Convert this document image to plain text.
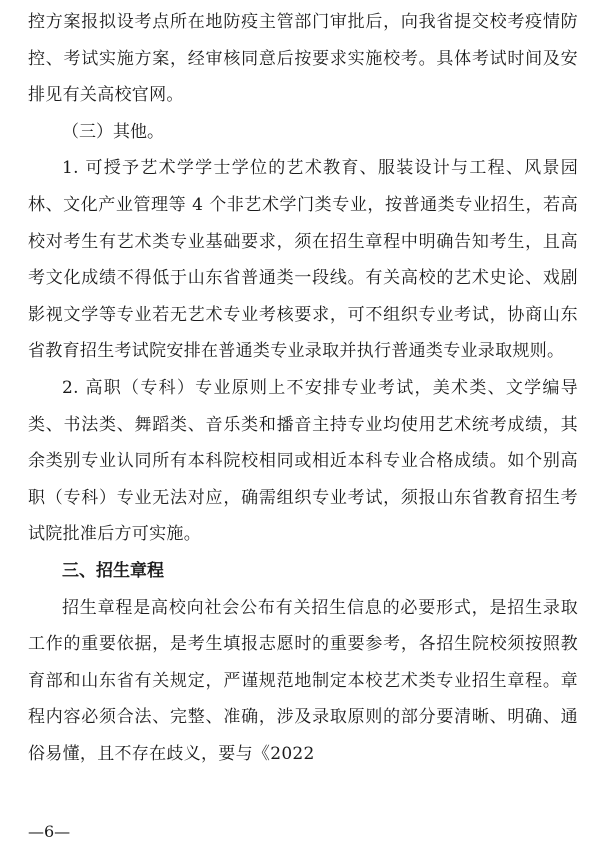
控方案报拟设考点所在地防疫主管部门审批后，向我省提交校考疫情防控、考试实施方案，经审核同意后按要求实施校考。具体考试时间及安排见有关高校官网。

（三）其他。

1. 可授予艺术学学士学位的艺术教育、服装设计与工程、风景园林、文化产业管理等 4 个非艺术学门类专业，按普通类专业招生，若高校对考生有艺术类专业基础要求，须在招生章程中明确告知考生，且高考文化成绩不得低于山东省普通类一段线。有关高校的艺术史论、戏剧影视文学等专业若无艺术专业考核要求，可不组织专业考试，协商山东省教育招生考试院安排在普通类专业录取并执行普通类专业录取规则。

2. 高职（专科）专业原则上不安排专业考试，美术类、文学编导类、书法类、舞蹈类、音乐类和播音主持专业均使用艺术统考成绩，其余类别专业认同所有本科院校相同或相近本科专业合格成绩。如个别高职（专科）专业无法对应，确需组织专业考试，须报山东省教育招生考试院批准后方可实施。

三、招生章程

招生章程是高校向社会公布有关招生信息的必要形式，是招生录取工作的重要依据，是考生填报志愿时的重要参考，各招生院校须按照教育部和山东省有关规定，严谨规范地制定本校艺术类专业招生章程。章程内容必须合法、完整、准确，涉及录取原则的部分要清晰、明确、通俗易懂，且不存在歧义，要与《2022

—6—
